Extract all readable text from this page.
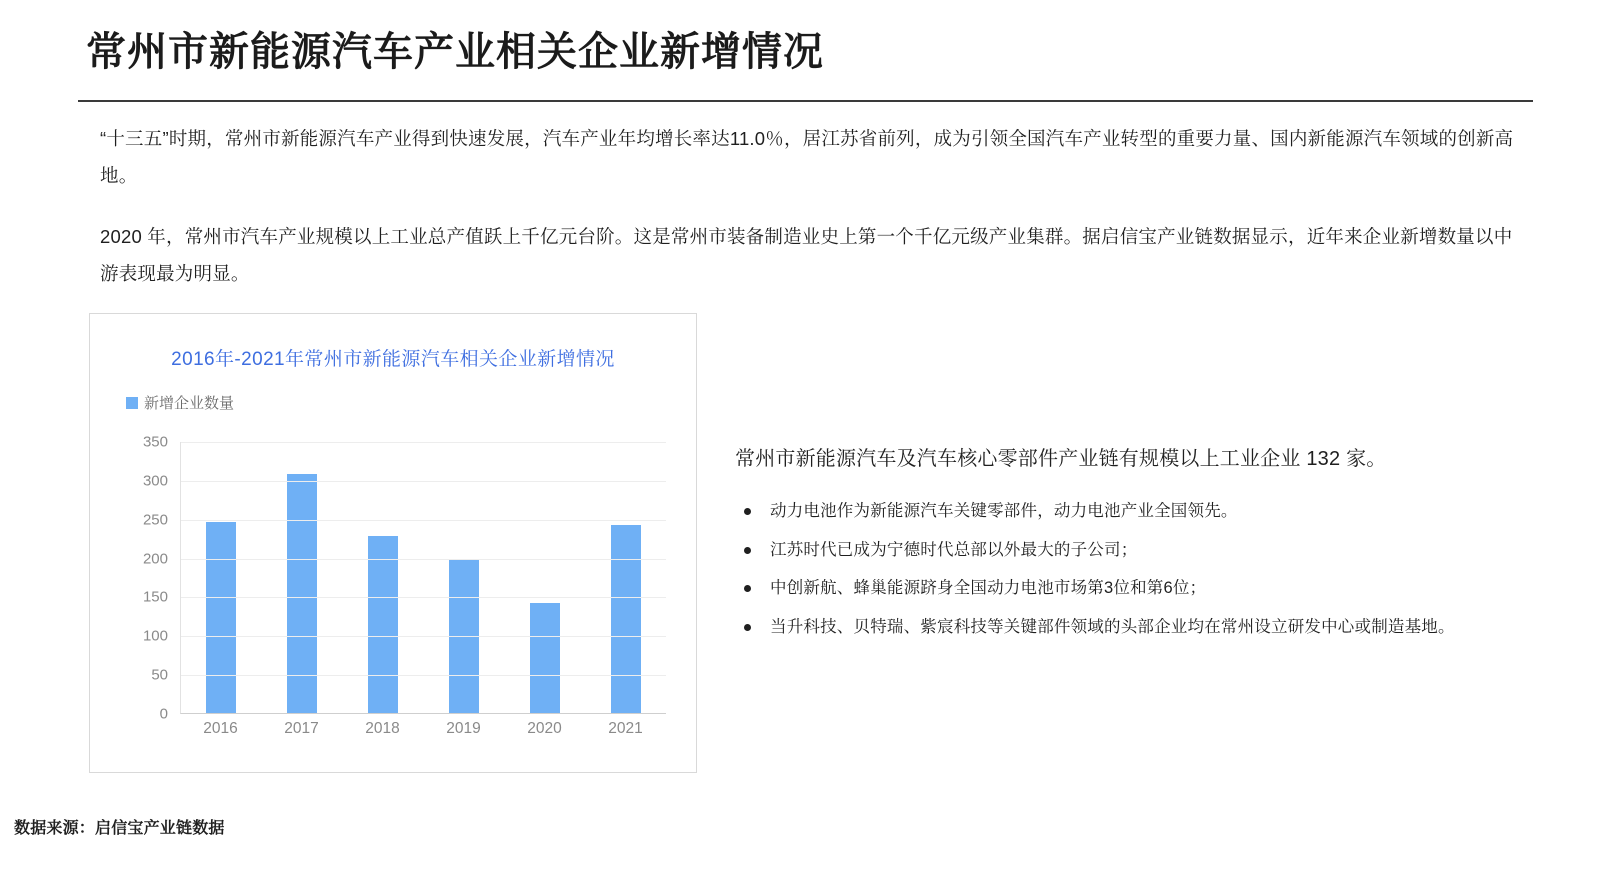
常州市新能源汽车产业相关企业新增情况
“十三五”时期，常州市新能源汽车产业得到快速发展，汽车产业年均增长率达11.0％，居江苏省前列，成为引领全国汽车产业转型的重要力量、国内新能源汽车领域的创新高地。
2020 年，常州市汽车产业规模以上工业总产值跃上千亿元台阶。这是常州市装备制造业史上第一个千亿元级产业集群。据启信宝产业链数据显示，近年来企业新增数量以中游表现最为明显。
2016年-2021年常州市新能源汽车相关企业新增情况
新增企业数量
0
50
100
150
200
250
300
350
2016	2017	2018	2019	2020	2021
常州市新能源汽车及汽车核心零部件产业链有规模以上工业企业 132 家。
动力电池作为新能源汽车关键零部件，动力电池产业全国领先。
江苏时代已成为宁德时代总部以外最大的子公司；
中创新航、蜂巢能源跻身全国动力电池市场第3位和第6位；
当升科技、贝特瑞、紫宸科技等关键部件领域的头部企业均在常州设立研发中心或制造基地。
数据来源：启信宝产业链数据
